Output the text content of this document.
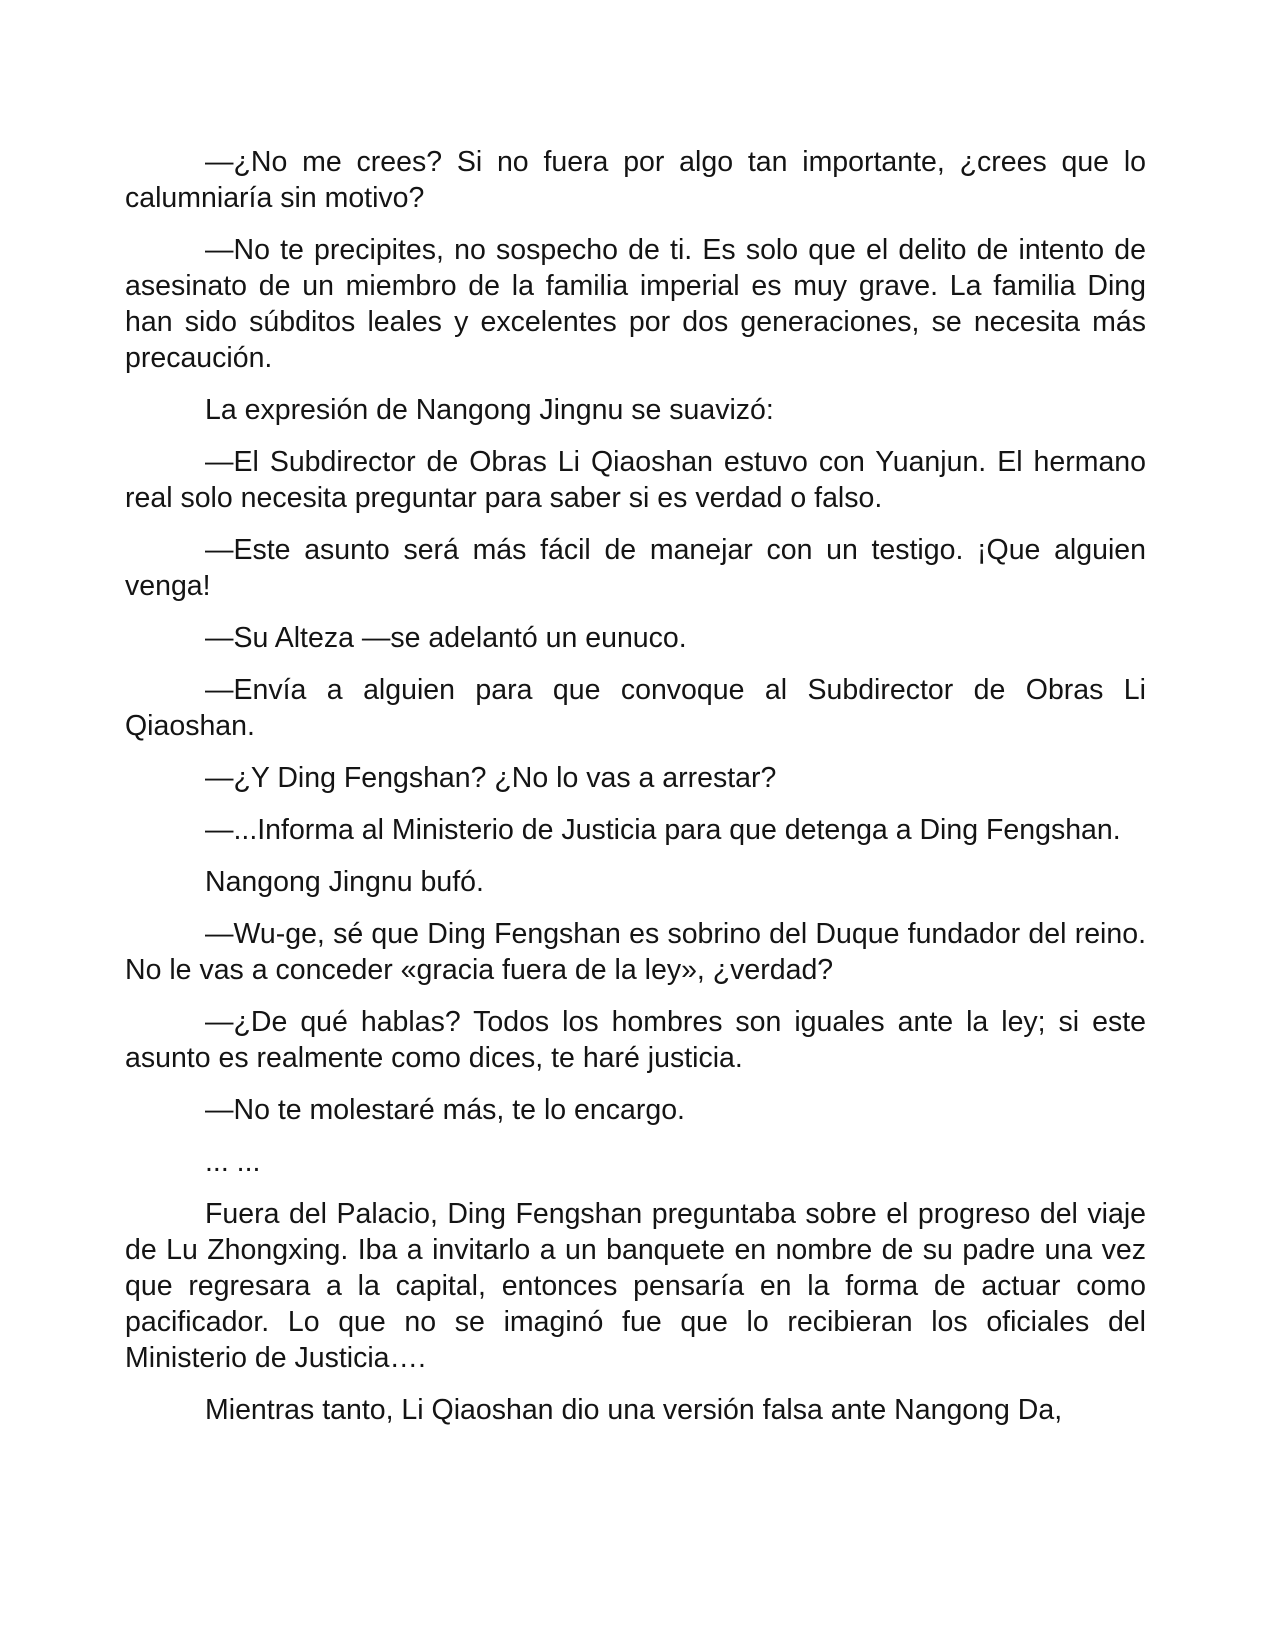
—¿No me crees? Si no fuera por algo tan importante, ¿crees que lo calumniaría sin motivo?

—No te precipites, no sospecho de ti. Es solo que el delito de intento de asesinato de un miembro de la familia imperial es muy grave. La familia Ding han sido súbditos leales y excelentes por dos generaciones, se necesita más precaución.

La expresión de Nangong Jingnu se suavizó:

—El Subdirector de Obras Li Qiaoshan estuvo con Yuanjun. El hermano real solo necesita preguntar para saber si es verdad o falso.

—Este asunto será más fácil de manejar con un testigo. ¡Que alguien venga!

—Su Alteza —se adelantó un eunuco.

—Envía a alguien para que convoque al Subdirector de Obras Li Qiaoshan.

—¿Y Ding Fengshan? ¿No lo vas a arrestar?

—...Informa al Ministerio de Justicia para que detenga a Ding Fengshan.

Nangong Jingnu bufó.

—Wu-ge, sé que Ding Fengshan es sobrino del Duque fundador del reino. No le vas a conceder «gracia fuera de la ley», ¿verdad?

—¿De qué hablas? Todos los hombres son iguales ante la ley; si este asunto es realmente como dices, te haré justicia.

—No te molestaré más, te lo encargo.

... ...

Fuera del Palacio, Ding Fengshan preguntaba sobre el progreso del viaje de Lu Zhongxing. Iba a invitarlo a un banquete en nombre de su padre una vez que regresara a la capital, entonces pensaría en la forma de actuar como pacificador. Lo que no se imaginó fue que lo recibieran los oficiales del Ministerio de Justicia….

Mientras tanto, Li Qiaoshan dio una versión falsa ante Nangong Da,
